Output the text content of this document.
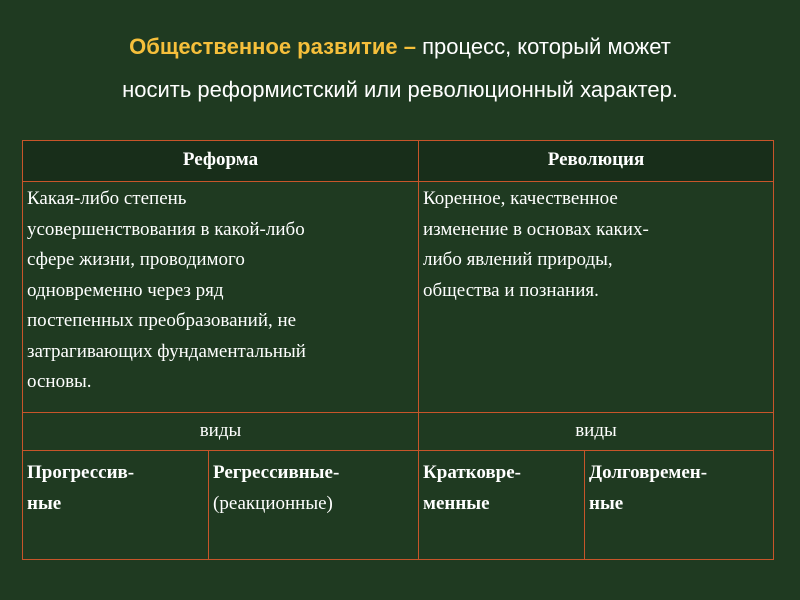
Общественное развитие – процесс, который может
носить реформистский или революционный характер.
Реформа	Революция
Какая-либо степень
усовершенствования в какой-либо
сфере жизни, проводимого
одновременно через ряд
постепенных преобразований, не
затрагивающих фундаментальный
основы.
Коренное, качественное
изменение в основах каких-
либо явлений природы,
общества и познания.
виды	виды
Прогрессив-
ные
Регрессивные-
(реакционные)
Кратковре-
менные
Долговремен-
ные
